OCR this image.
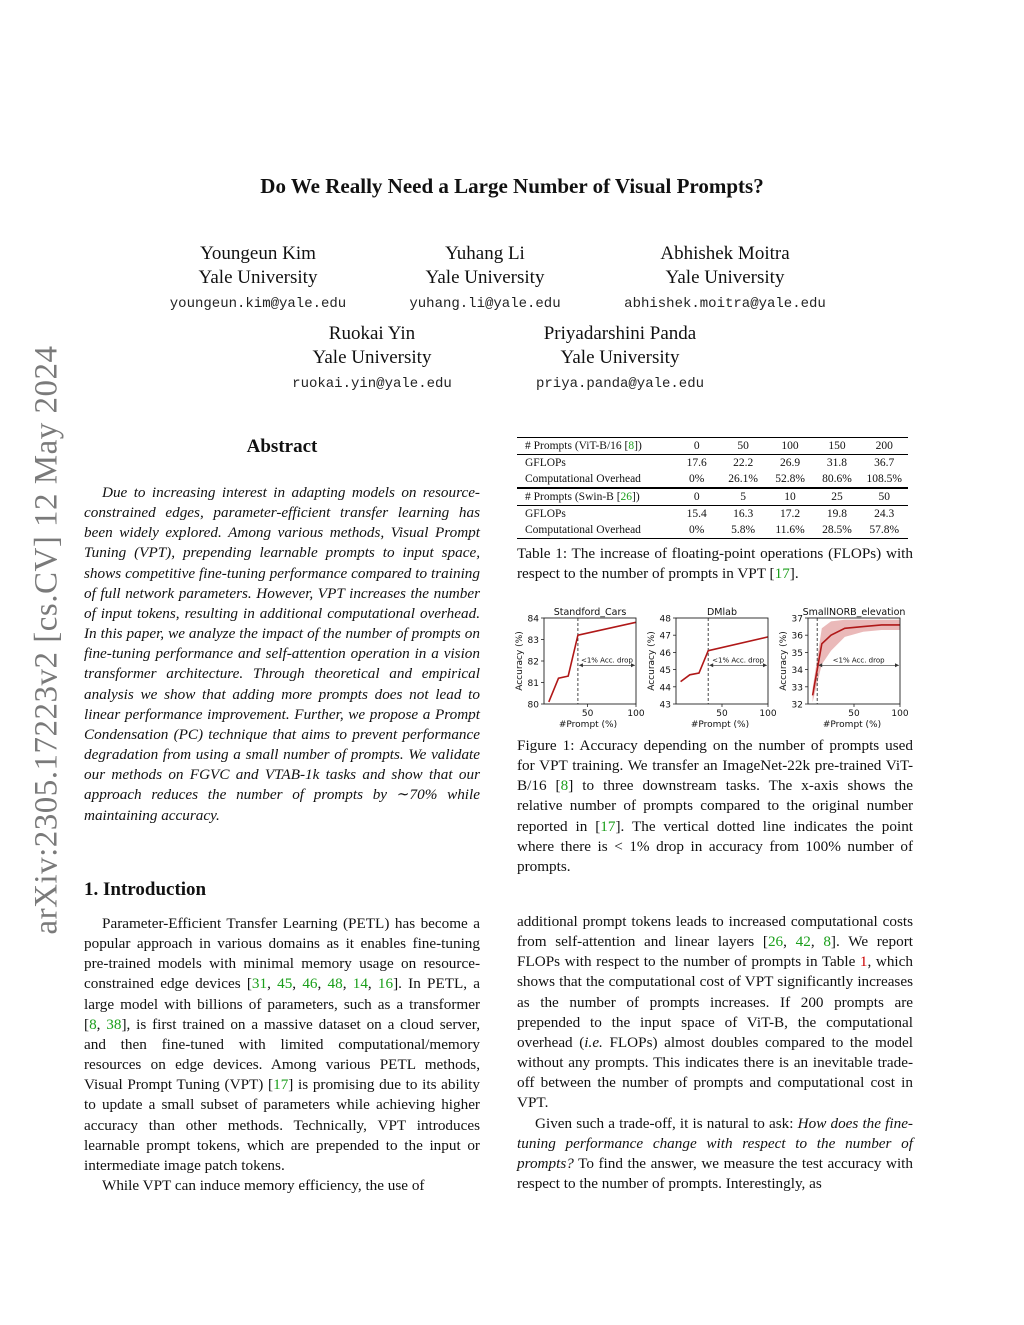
arXiv:2305.17223v2 [cs.CV] 12 May 2024
Do We Really Need a Large Number of Visual Prompts?
Youngeun Kim
Yale University
youngeun.kim@yale.edu
Yuhang Li
Yale University
yuhang.li@yale.edu
Abhishek Moitra
Yale University
abhishek.moitra@yale.edu
Ruokai Yin
Yale University
ruokai.yin@yale.edu
Priyadarshini Panda
Yale University
priya.panda@yale.edu
Abstract
Due to increasing interest in adapting models on resource-constrained edges, parameter-efficient transfer learning has been widely explored. Among various methods, Visual Prompt Tuning (VPT), prepending learnable prompts to input space, shows competitive fine-tuning performance compared to training of full network parameters. However, VPT increases the number of input tokens, resulting in additional computational overhead. In this paper, we analyze the impact of the number of prompts on fine-tuning performance and self-attention operation in a vision transformer architecture. Through theoretical and empirical analysis we show that adding more prompts does not lead to linear performance improvement. Further, we propose a Prompt Condensation (PC) technique that aims to prevent performance degradation from using a small number of prompts. We validate our methods on FGVC and VTAB-1k tasks and show that our approach reduces the number of prompts by ∼70% while maintaining accuracy.
1. Introduction

Parameter-Efficient Transfer Learning (PETL) has become a popular approach in various domains as it enables fine-tuning pre-trained models with minimal memory usage on resource-constrained edge devices [31, 45, 46, 48, 14, 16]. In PETL, a large model with billions of parameters, such as a transformer [8, 38], is first trained on a massive dataset on a cloud server, and then fine-tuned with limited computational/memory resources on edge devices. Among various PETL methods, Visual Prompt Tuning (VPT) [17] is promising due to its ability to update a small subset of parameters while achieving higher accuracy than other methods. Technically, VPT introduces learnable prompt tokens, which are prepended to the input or intermediate image patch tokens.

While VPT can induce memory efficiency, the use of

# Prompts (ViT-B/16 [8])	0	50	100	150	200
GFLOPs	17.6	22.2	26.9	31.8	36.7
Computational Overhead	0%	26.1%	52.8%	80.6%	108.5%
# Prompts (Swin-B [26])	0	5	10	25	50
GFLOPs	15.4	16.3	17.2	19.8	24.3
Computational Overhead	0%	5.8%	11.6%	28.5%	57.8%
Table 1: The increase of floating-point operations (FLOPs) with respect to the number of prompts in VPT [17].
Standford_Cars
<1% Acc. drop
80
81
82
83
84
50	100
#Prompt (%)
Accuracy (%)
DMlab
<1% Acc. drop
43
44
45
46
47
48
50	100
#Prompt (%)
Accuracy (%)
SmallNORB_elevation
<1% Acc. drop
32
33
34
35
36
37
50	100
#Prompt (%)
Accuracy (%)
Figure 1: Accuracy depending on the number of prompts used for VPT training. We transfer an ImageNet-22k pre-trained ViT-B/16 [8] to three downstream tasks. The x-axis shows the relative number of prompts compared to the original number reported in [17]. The vertical dotted line indicates the point where there is < 1% drop in accuracy from 100% number of prompts.

additional prompt tokens leads to increased computational costs from self-attention and linear layers [26, 42, 8]. We report FLOPs with respect to the number of prompts in Table 1, which shows that the computational cost of VPT significantly increases as the number of prompts increases. If 200 prompts are prepended to the input space of ViT-B, the computational overhead (i.e. FLOPs) almost doubles compared to the model without any prompts. This indicates there is an inevitable trade-off between the number of prompts and computational cost in VPT.

Given such a trade-off, it is natural to ask: How does the fine-tuning performance change with respect to the number of prompts? To find the answer, we measure the test accuracy with respect to the number of prompts. Interestingly, as
